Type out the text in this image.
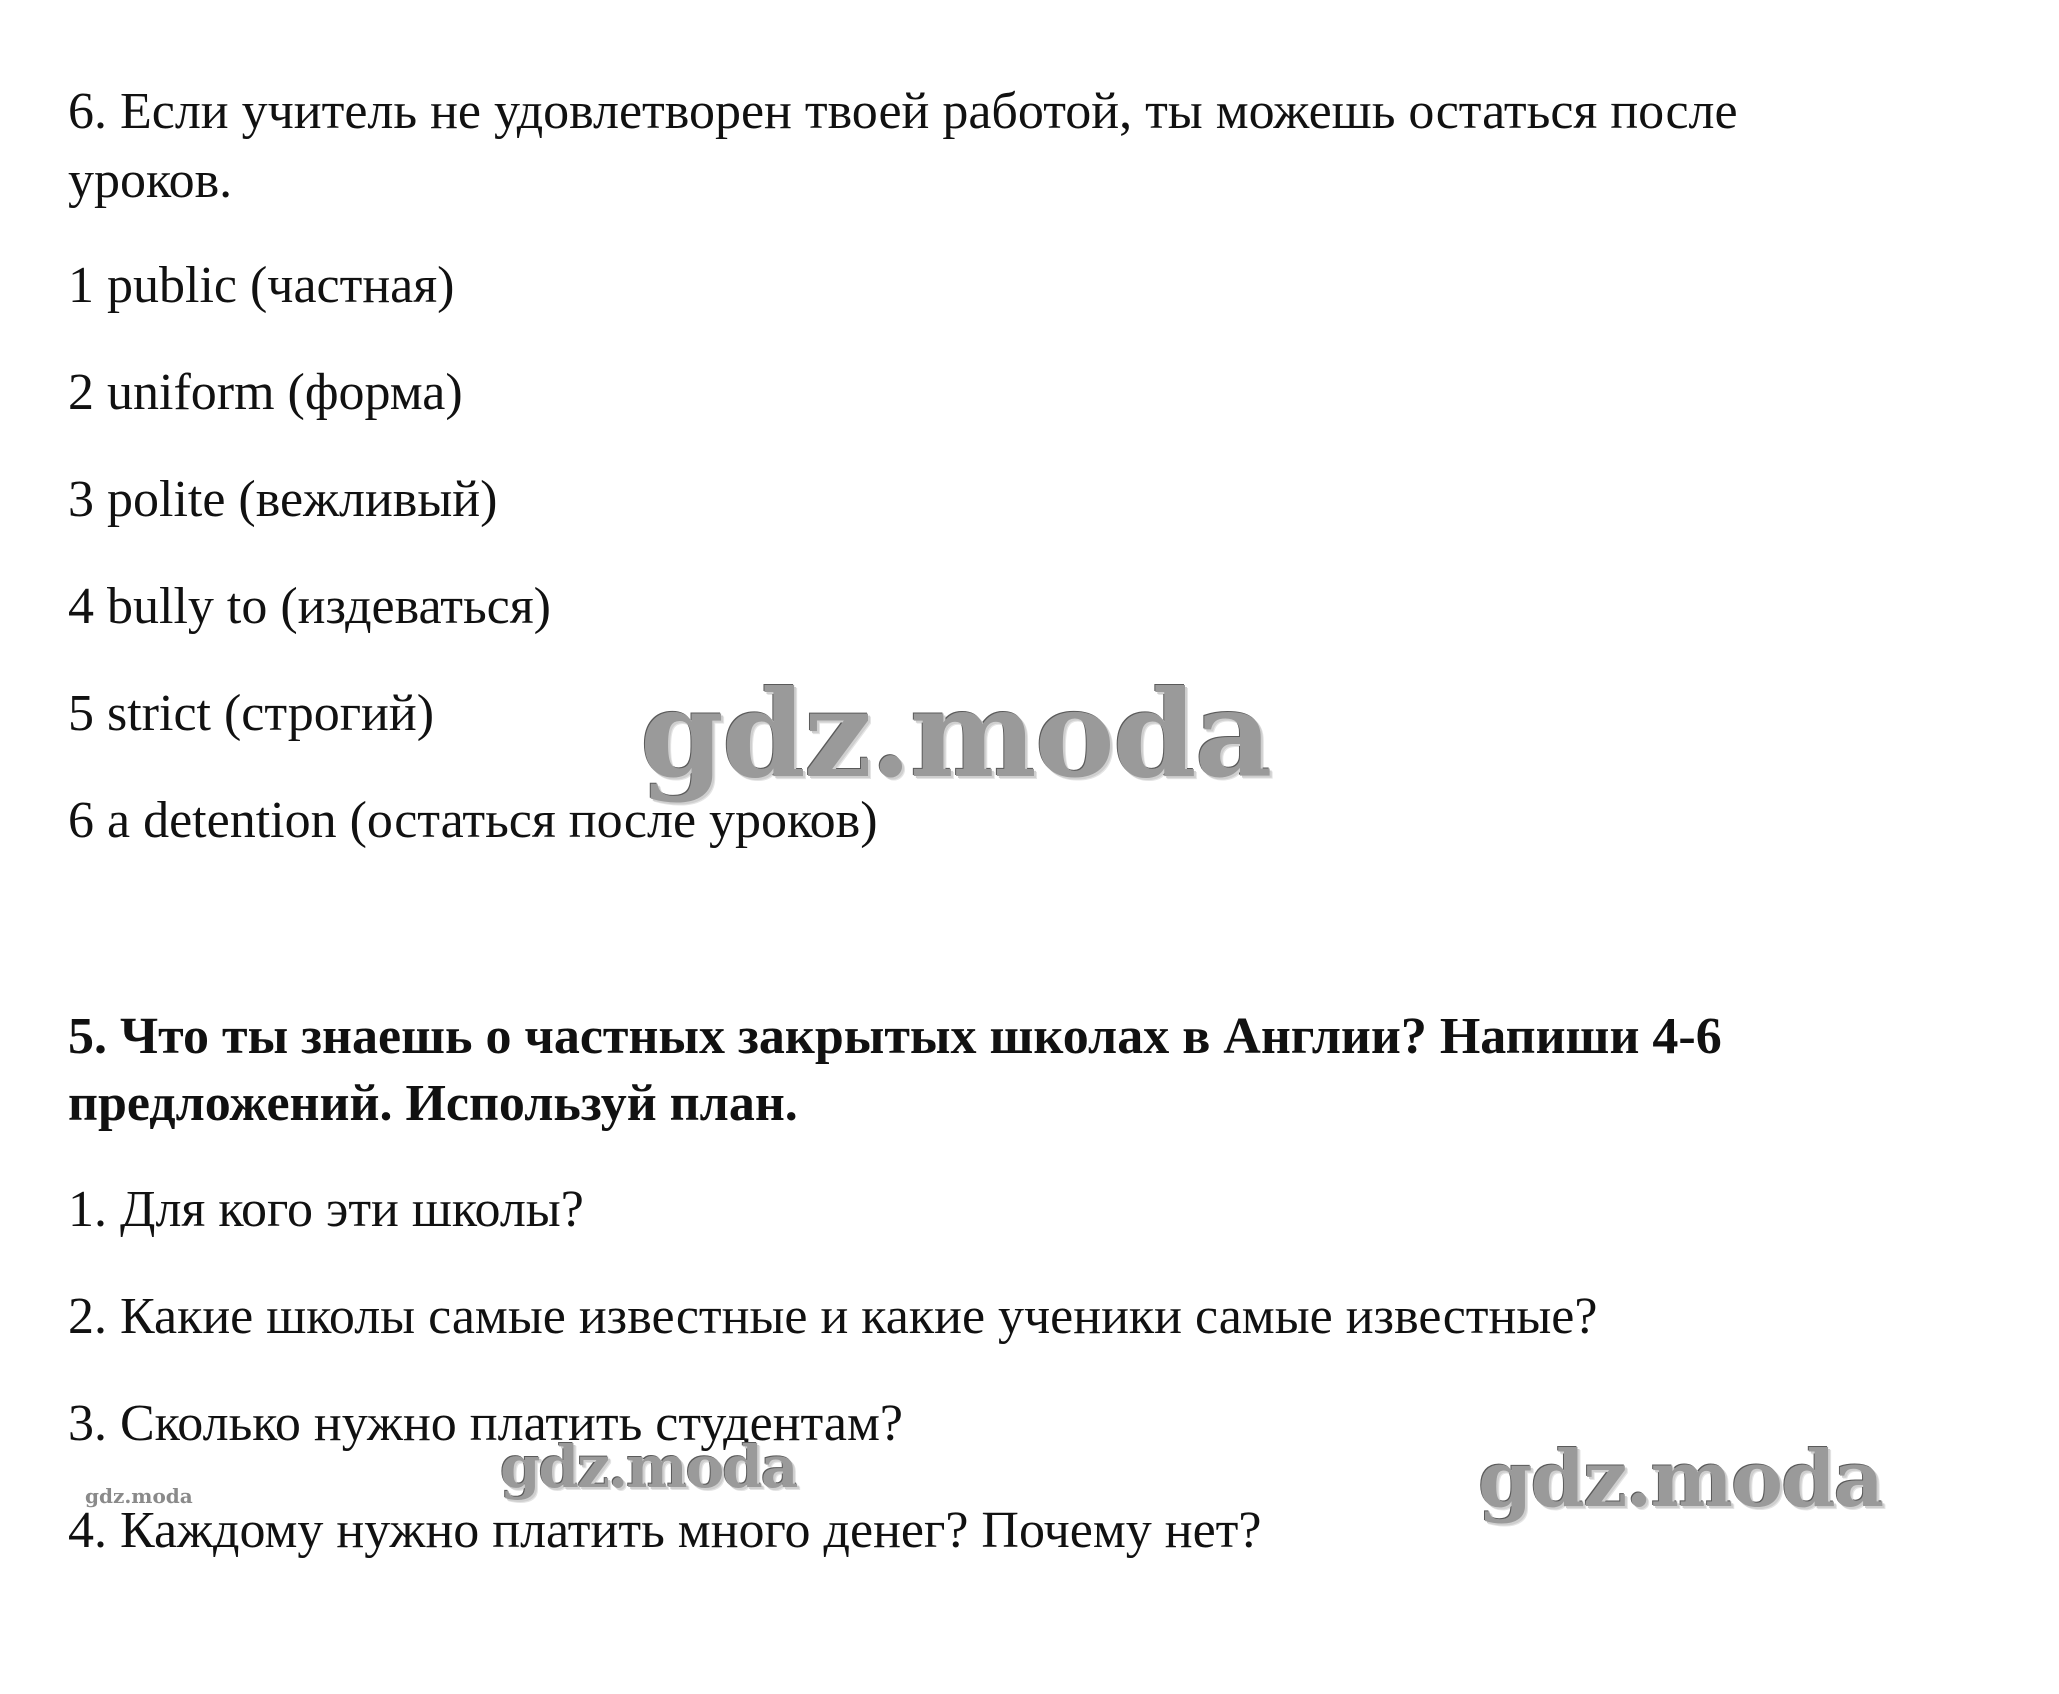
6. Если учитель не удовлетворен твоей работой, ты можешь остаться после

уроков.

1 public (частная)

2 uniform (форма)

3 polite (вежливый)

4 bully to (издеваться)

5 strict (строгий)

6 a detention (остаться после уроков)

5. Что ты знаешь о частных закрытых школах в Англии? Напиши 4-6

предложений. Используй план.

1. Для кого эти школы?

2. Какие школы самые известные и какие ученики самые известные?

3. Сколько нужно платить студентам?

4. Каждому нужно платить много денег? Почему нет?

gdz.moda
gdz.moda	gdz.moda
gdz.moda
